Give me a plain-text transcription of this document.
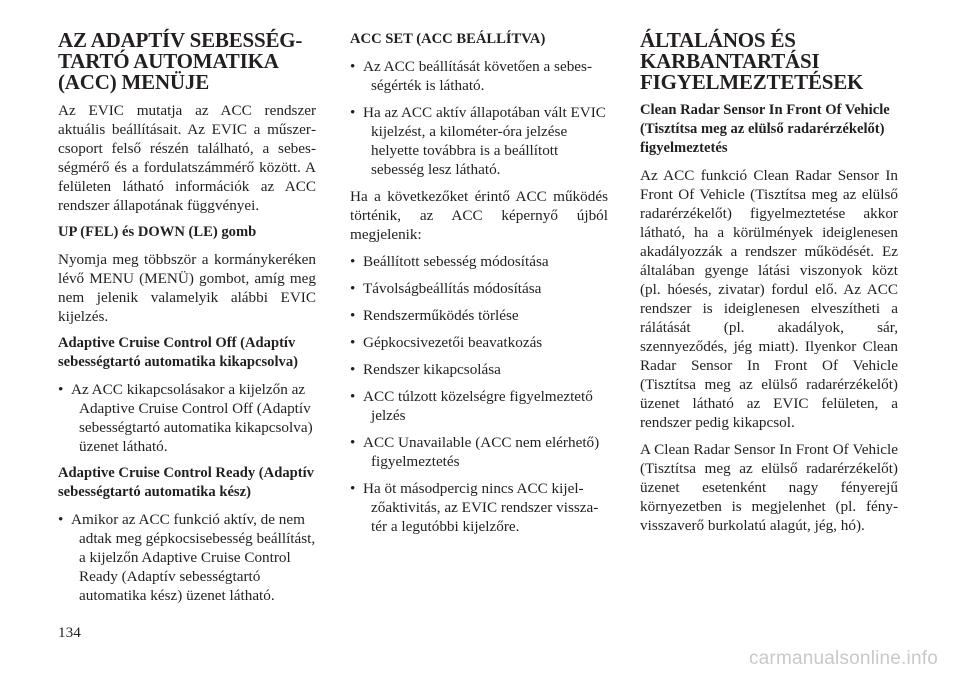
AZ ADAPTÍV SEBESSÉG-
TARTÓ AUTOMATIKA
(ACC) MENÜJE

Az EVIC mutatja az ACC rendszer aktuális beállításait. Az EVIC a műszercsoport felső részén található, a sebességmérő és a fordulatszámmérő között. A felületen látható információk az ACC rendszer állapotának függvényei.

UP (FEL) és DOWN (LE) gomb

Nyomja meg többször a kormánykeréken lévő MENU (MENÜ) gombot, amíg meg nem jelenik valamelyik alábbi EVIC kijelzés.

Adaptive Cruise Control Off (Adaptív sebességtartó automatika kikapcsolva)

• Az ACC kikapcsolásakor a kijelzőn az Adaptive Cruise Control Off (Adaptív sebességtartó automatika kikapcsolva) üzenet látható.

Adaptive Cruise Control Ready (Adaptív sebességtartó automatika kész)

• Amikor az ACC funkció aktív, de nem adtak meg gépkocsisebesség beállítást, a kijelzőn Adaptive Cruise Control Ready (Adaptív sebességtartó automatika kész) üzenet látható.

ACC SET (ACC BEÁLLÍTVA)

• Az ACC beállítását követően a sebességérték is látható.
• Ha az ACC aktív állapotában vált EVIC kijelzést, a kilométer-óra jelzése helyette továbbra is a beállított sebesség lesz látható.

Ha a következőket érintő ACC működés történik, az ACC képernyő újból megjelenik:

• Beállított sebesség módosítása
• Távolságbeállítás módosítása
• Rendszerműködés törlése
• Gépkocsivezetői beavatkozás
• Rendszer kikapcsolása
• ACC túlzott közelségre figyelmeztető jelzés
• ACC Unavailable (ACC nem elérhető) figyelmeztetés
• Ha öt másodpercig nincs ACC kijelzőaktivitás, az EVIC rendszer visszatér a legutóbbi kijelzőre.
ÁLTALÁNOS ÉS
KARBANTARTÁSI
FIGYELMEZTETÉSEK

Clean Radar Sensor In Front Of Vehicle (Tisztítsa meg az elülső radarérzékelőt) figyelmeztetés

Az ACC funkció Clean Radar Sensor In Front Of Vehicle (Tisztítsa meg az elülső radarérzékelőt) figyelmeztetése akkor látható, ha a körülmények ideiglenesen akadályozzák a rendszer működését. Ez általában gyenge látási viszonyok közt (pl. hóesés, zivatar) fordul elő. Az ACC rendszer is ideiglenesen elveszítheti a rálátását (pl. akadályok, sár, szennyeződés, jég miatt). Ilyenkor Clean Radar Sensor In Front Of Vehicle (Tisztítsa meg az elülső radarérzékelőt) üzenet látható az EVIC felületen, a rendszer pedig kikapcsol.

A Clean Radar Sensor In Front Of Vehicle (Tisztítsa meg az elülső radarérzékelőt) üzenet esetenként nagy fényerejű környezetben is megjelenhet (pl. fényvisszaverő burkolatú alagút, jég, hó).

134
carmanualsonline.info
